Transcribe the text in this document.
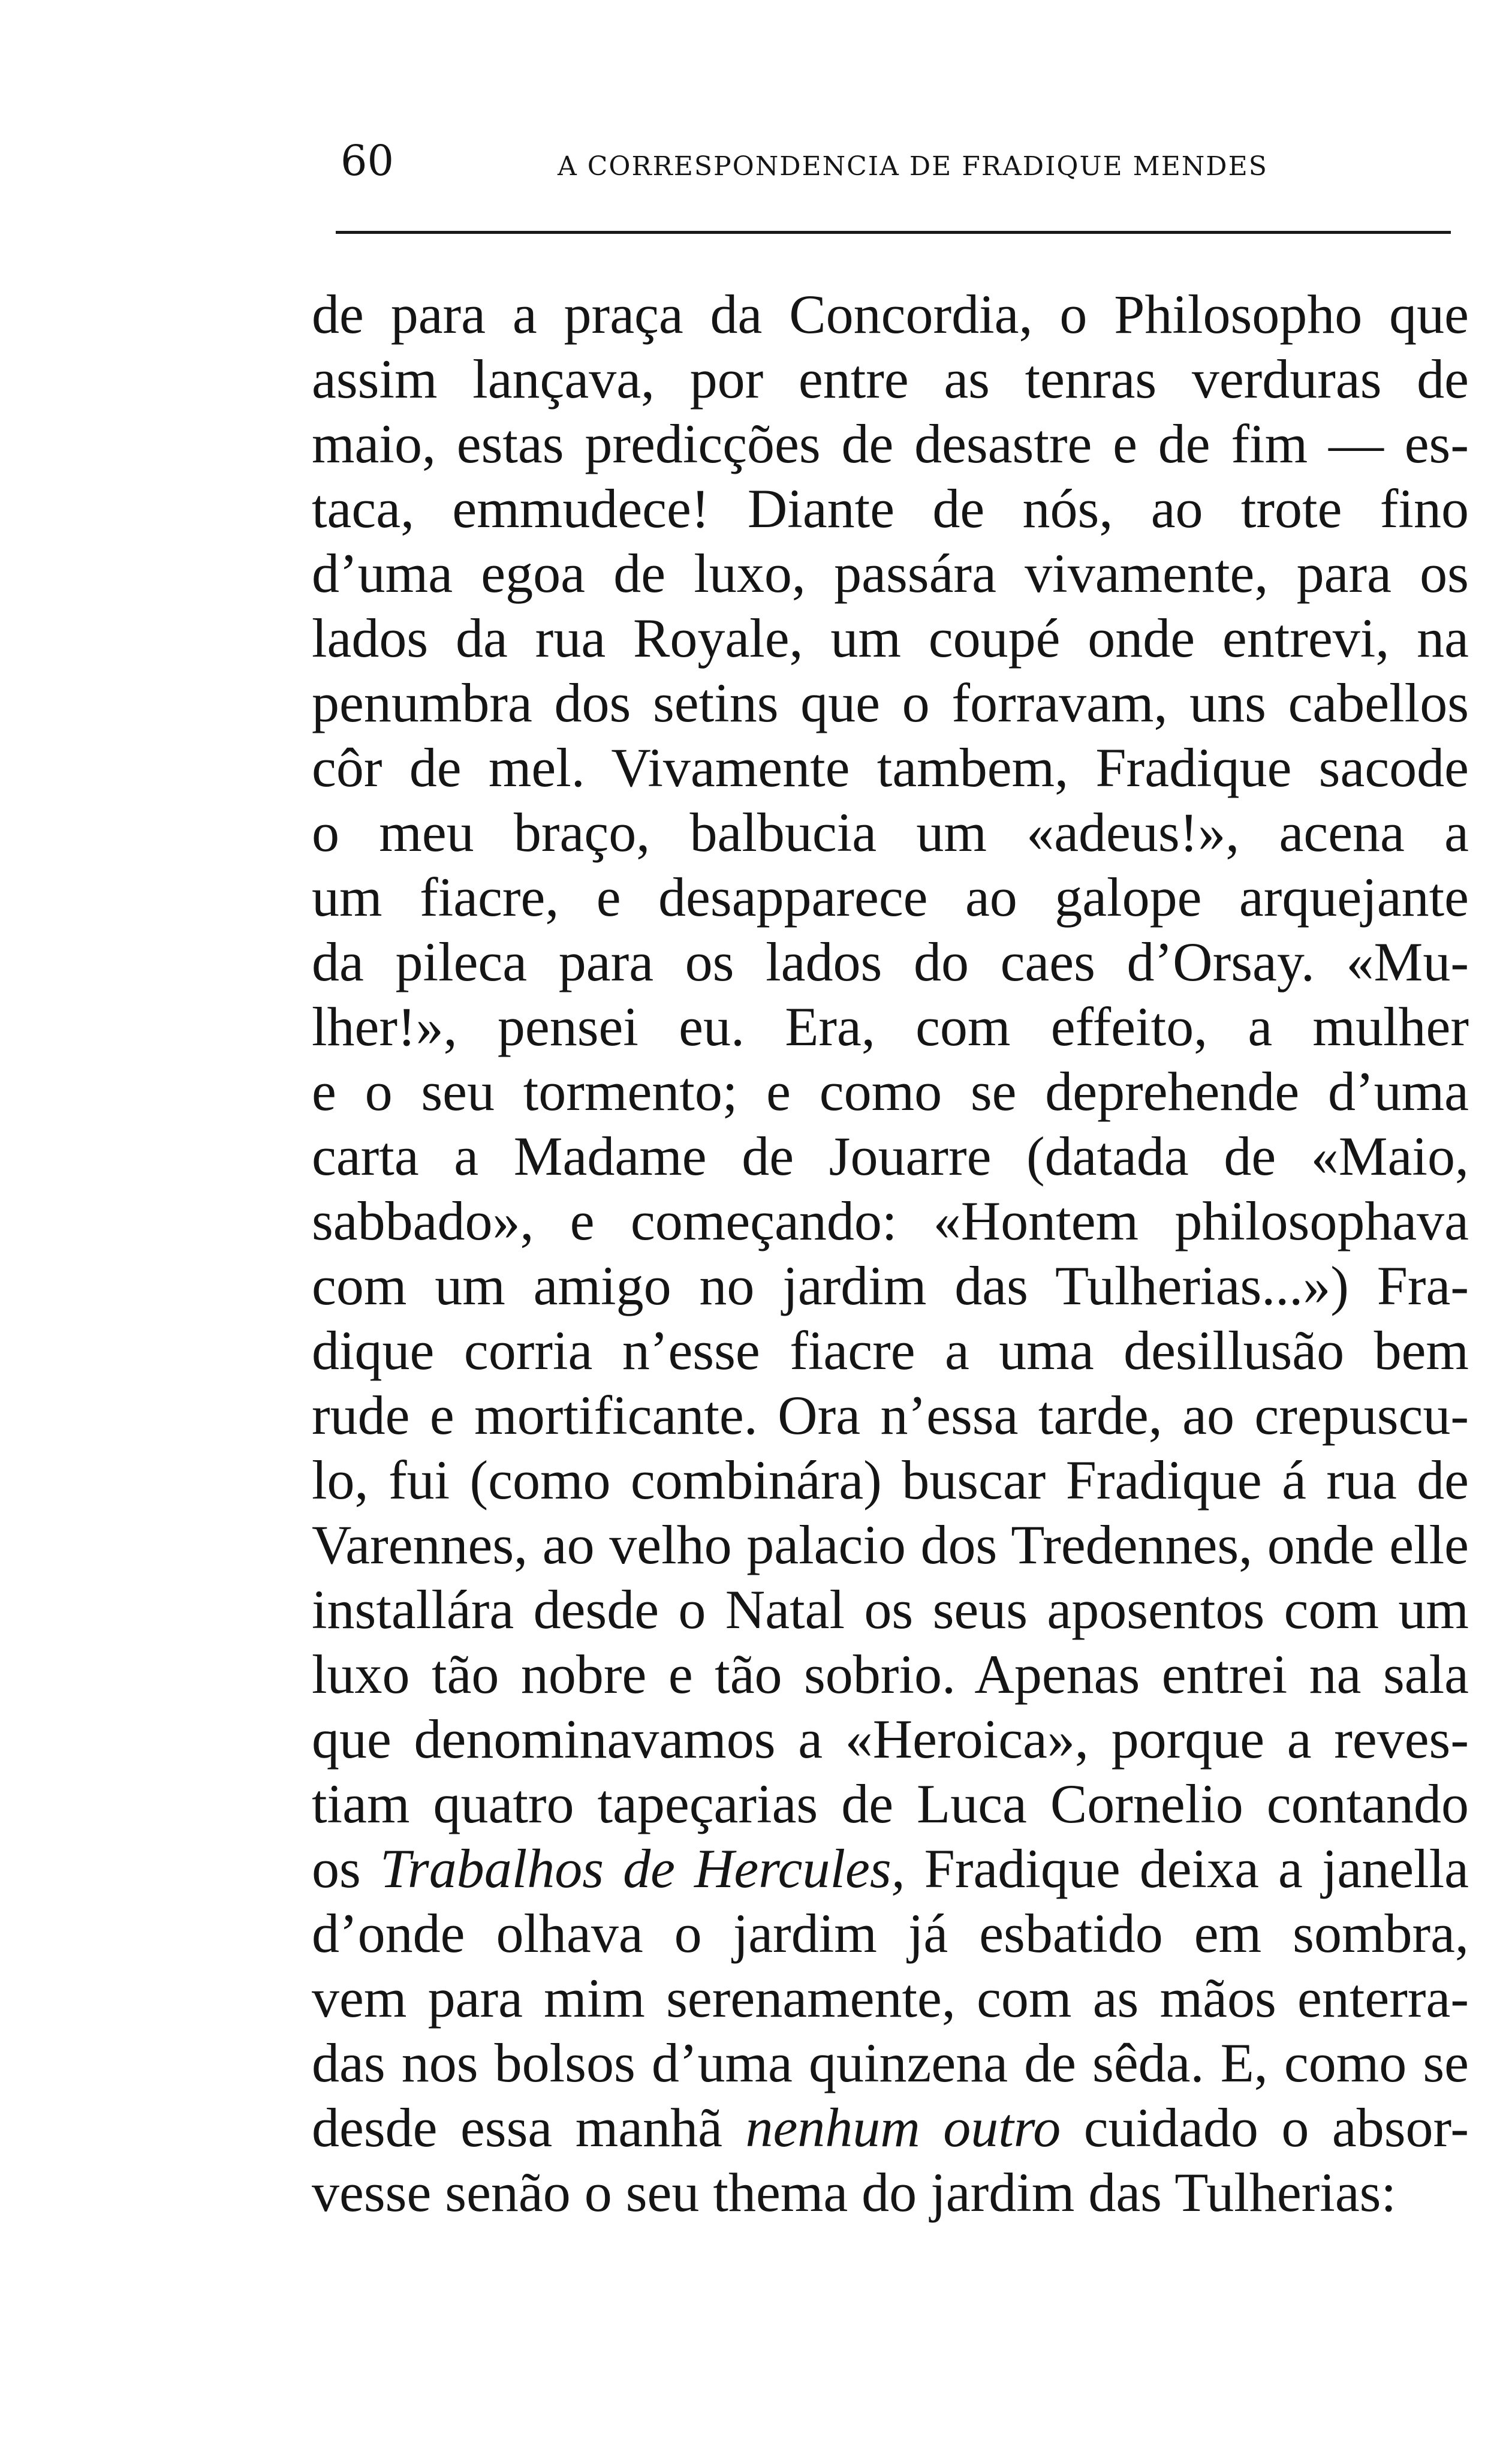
60	A CORRESPONDENCIA DE FRADIQUE MENDES
de para a praça da Concordia, o Philosopho que
assim lançava, por entre as tenras verduras de
maio, estas predicções de desastre e de fim — es-
taca, emmudece! Diante de nós, ao trote fino
d’uma egoa de luxo, passára vivamente, para os
lados da rua Royale, um coupé onde entrevi, na
penumbra dos setins que o forravam, uns cabellos
côr de mel. Vivamente tambem, Fradique sacode
o meu braço, balbucia um «adeus!», acena a
um fiacre, e desapparece ao galope arquejante
da pileca para os lados do caes d’Orsay. «Mu-
lher!», pensei eu. Era, com effeito, a mulher
e o seu tormento; e como se deprehende d’uma
carta a Madame de Jouarre (datada de «Maio,
sabbado», e começando: «Hontem philosophava
com um amigo no jardim das Tulherias...») Fra-
dique corria n’esse fiacre a uma desillusão bem
rude e mortificante. Ora n’essa tarde, ao crepuscu-
lo, fui (como combinára) buscar Fradique á rua de
Varennes, ao velho palacio dos Tredennes, onde elle
installára desde o Natal os seus aposentos com um
luxo tão nobre e tão sobrio. Apenas entrei na sala
que denominavamos a «Heroica», porque a reves-
tiam quatro tapeçarias de Luca Cornelio contando
os Trabalhos de Hercules, Fradique deixa a janella
d’onde olhava o jardim já esbatido em sombra,
vem para mim serenamente, com as mãos enterra-
das nos bolsos d’uma quinzena de sêda. E, como se
desde essa manhã nenhum outro cuidado o absor-
vesse senão o seu thema do jardim das Tulherias:
